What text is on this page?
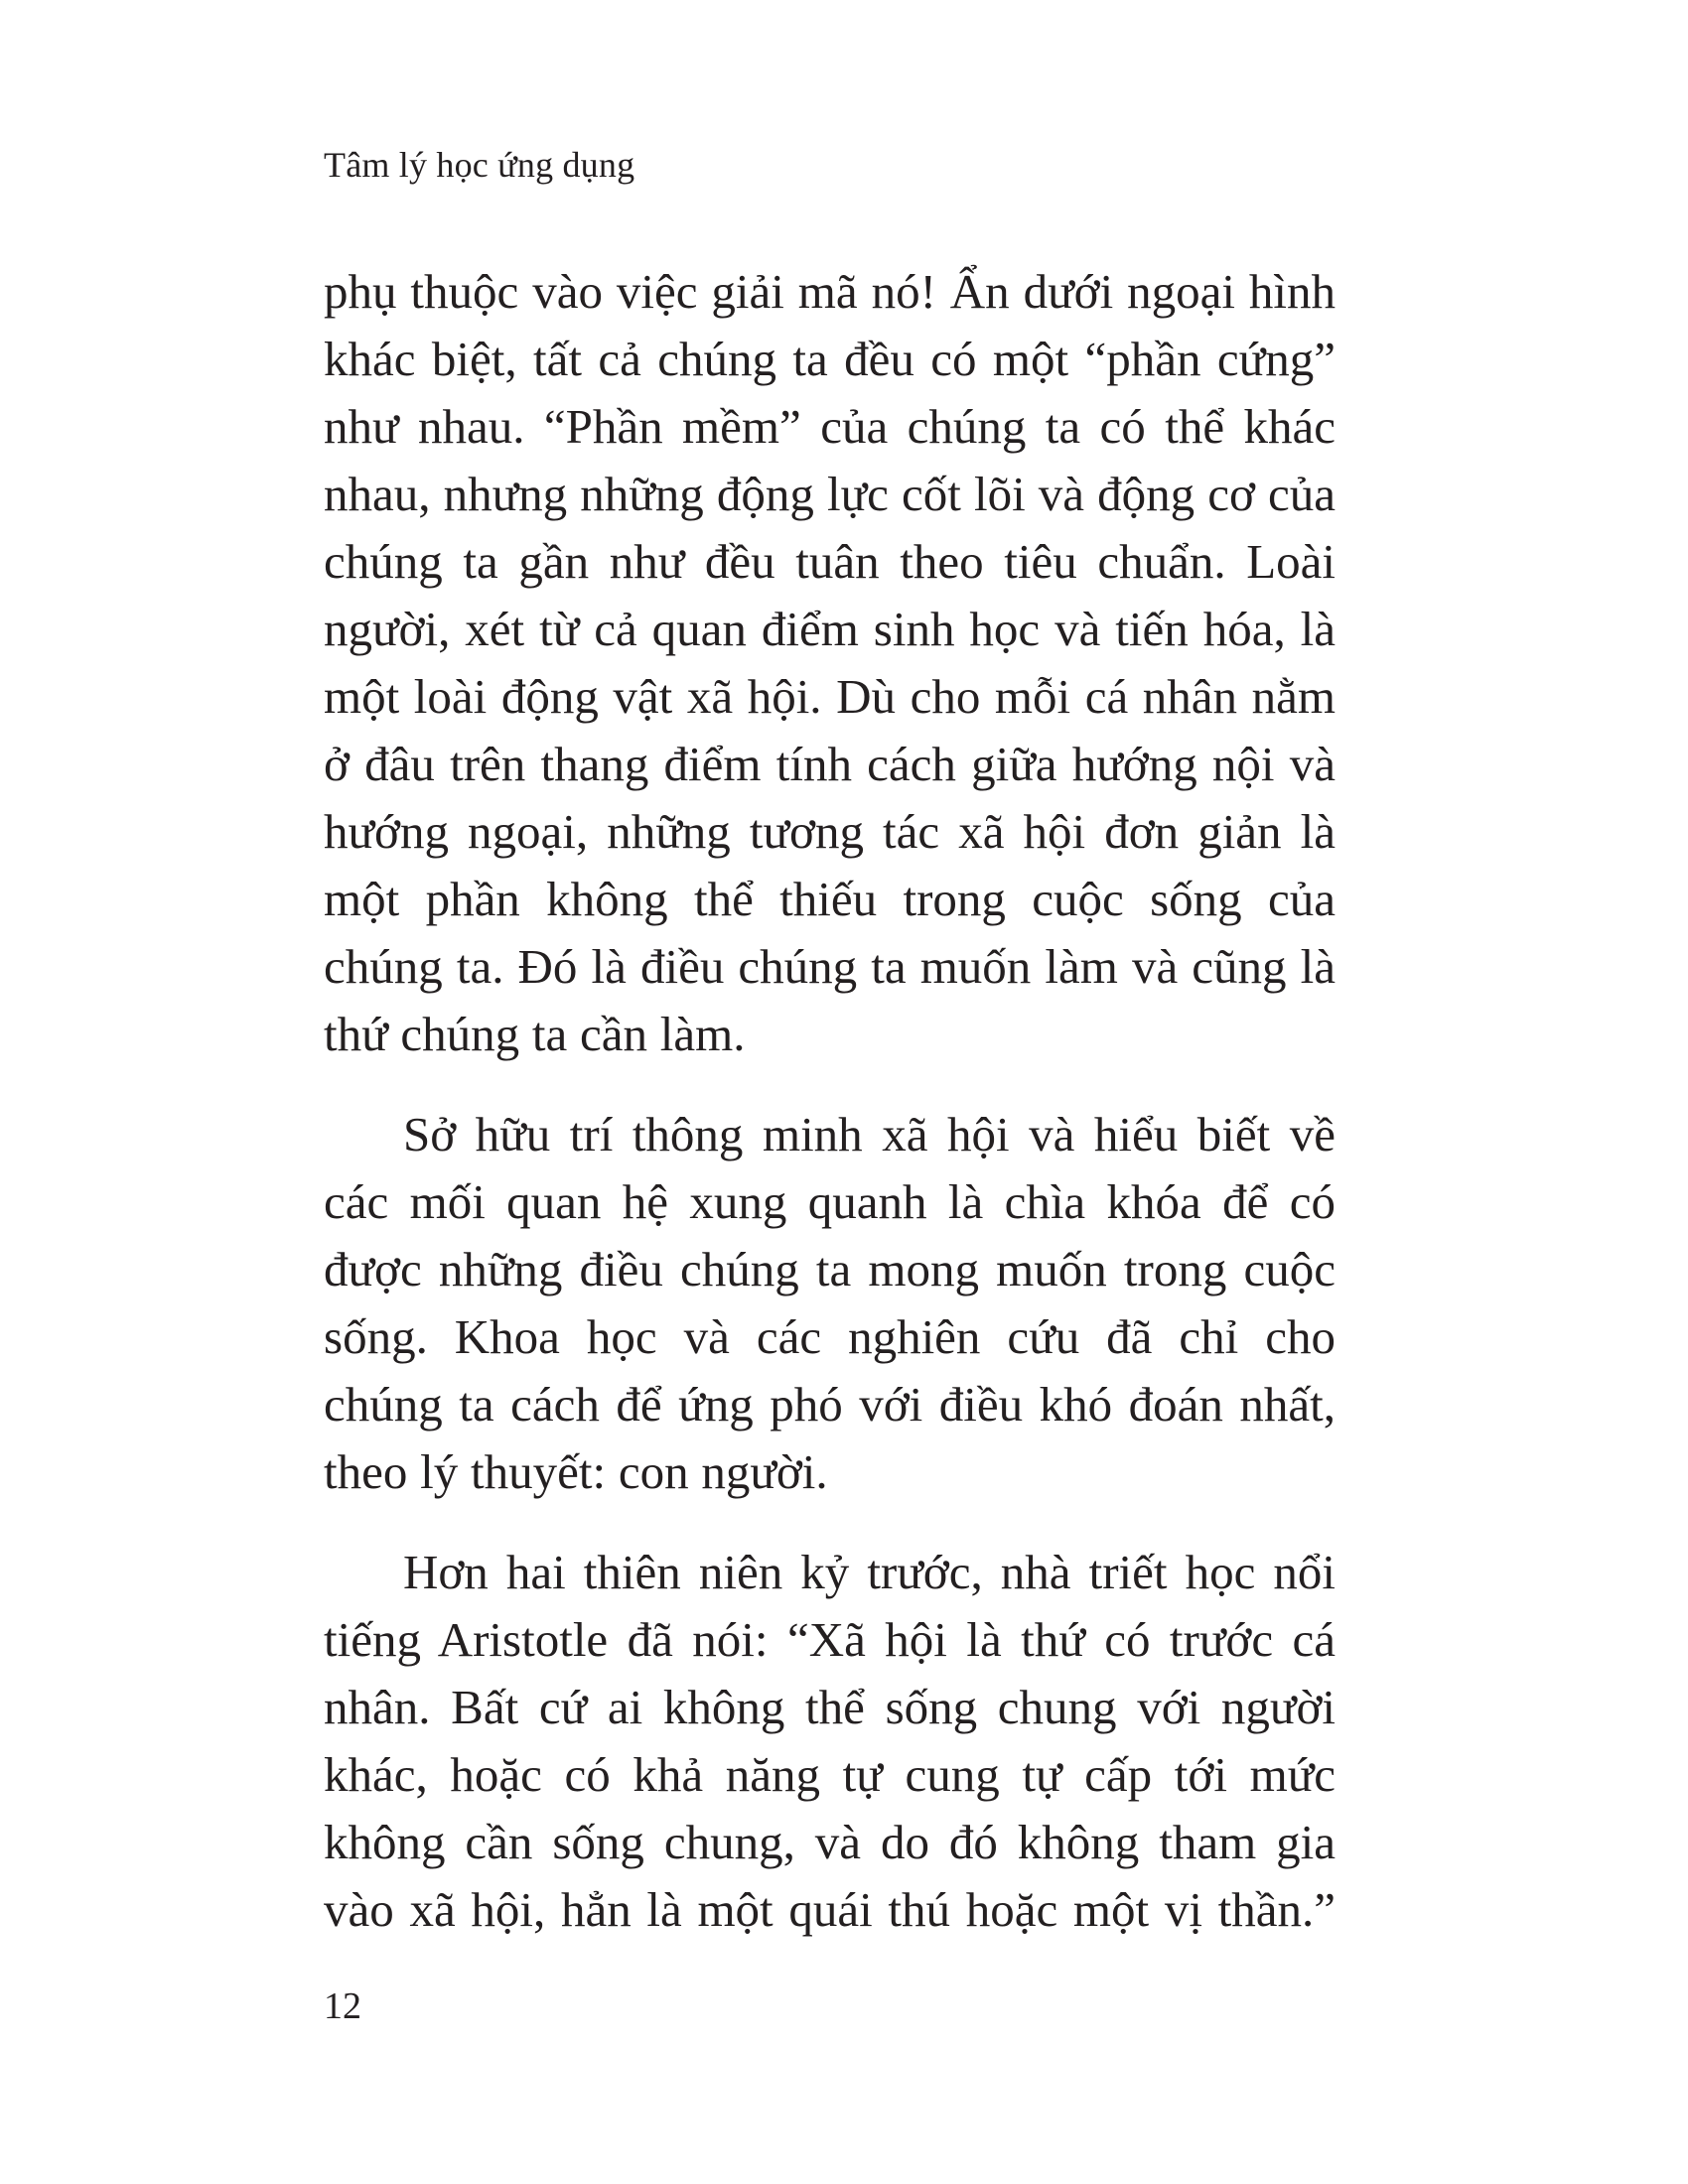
Tâm lý học ứng dụng

phụ thuộc vào việc giải mã nó! Ẩn dưới ngoại hình khác biệt, tất cả chúng ta đều có một “phần cứng” như nhau. “Phần mềm” của chúng ta có thể khác nhau, nhưng những động lực cốt lõi và động cơ của chúng ta gần như đều tuân theo tiêu chuẩn. Loài người, xét từ cả quan điểm sinh học và tiến hóa, là một loài động vật xã hội. Dù cho mỗi cá nhân nằm ở đâu trên thang điểm tính cách giữa hướng nội và hướng ngoại, những tương tác xã hội đơn giản là một phần không thể thiếu trong cuộc sống của chúng ta. Đó là điều chúng ta muốn làm và cũng là thứ chúng ta cần làm.

Sở hữu trí thông minh xã hội và hiểu biết về các mối quan hệ xung quanh là chìa khóa để có được những điều chúng ta mong muốn trong cuộc sống. Khoa học và các nghiên cứu đã chỉ cho chúng ta cách để ứng phó với điều khó đoán nhất, theo lý thuyết: con người.

Hơn hai thiên niên kỷ trước, nhà triết học nổi tiếng Aristotle đã nói: “Xã hội là thứ có trước cá nhân. Bất cứ ai không thể sống chung với người khác, hoặc có khả năng tự cung tự cấp tới mức không cần sống chung, và do đó không tham gia vào xã hội, hẳn là một quái thú hoặc một vị thần.”

12
